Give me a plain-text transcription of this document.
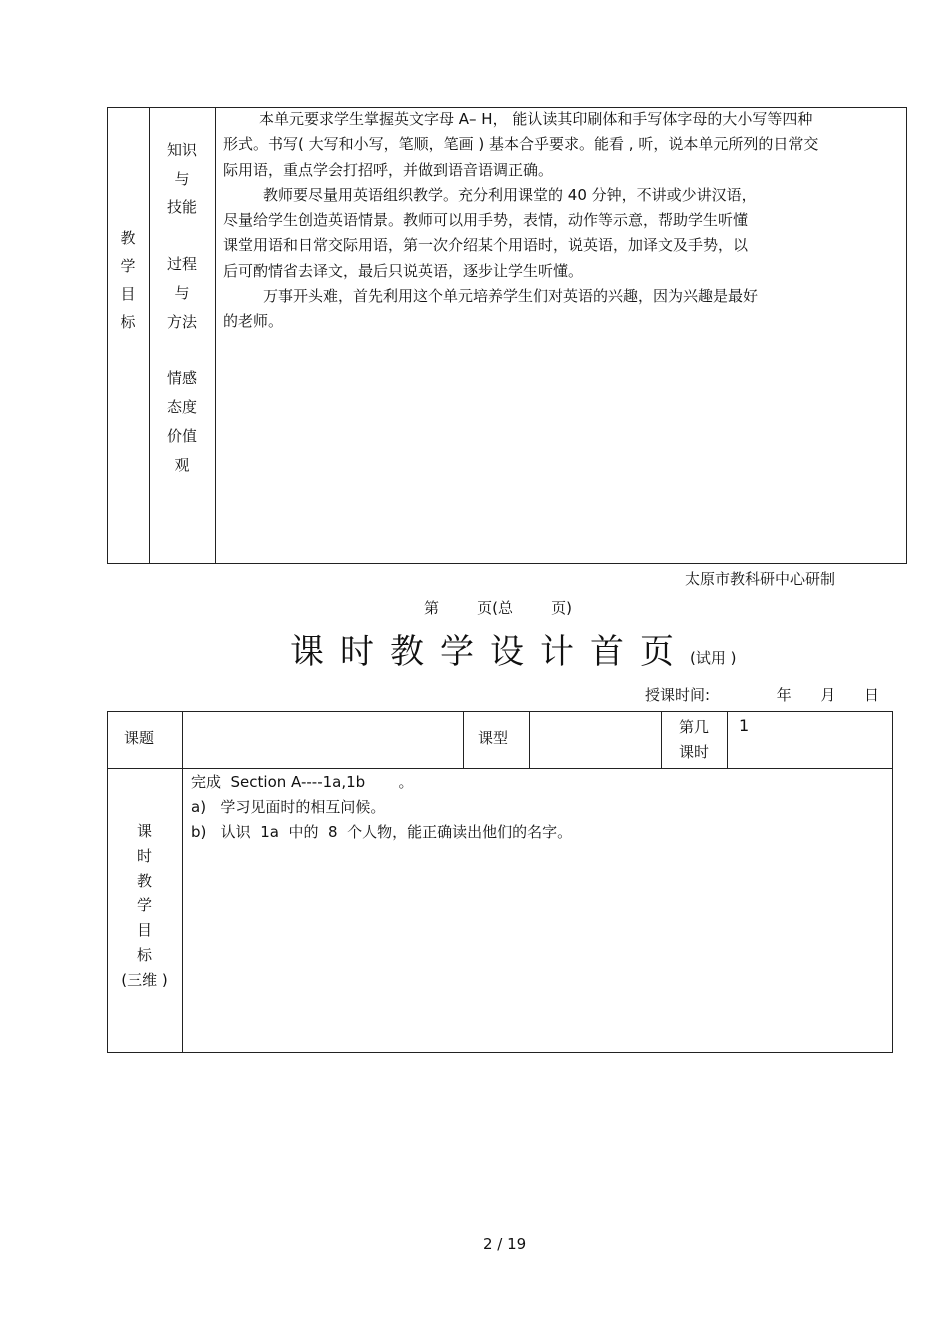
教
学
目
标
知识
与
技能
过程
与
方法
情感
态度
价值
观
本单元要求学生掌握英文字母 A– H， 能认读其印刷体和手写体字母的大小写等四种
形式。书写( 大写和小写，笔顺，笔画 ) 基本合乎要求。能看 , 听，说本单元所列的日常交
际用语，重点学会打招呼，并做到语音语调正确。
教师要尽量用英语组织教学。充分利用课堂的 40 分钟，不讲或少讲汉语，
尽量给学生创造英语情景。教师可以用手势，表情，动作等示意，帮助学生听懂
课堂用语和日常交际用语，第一次介绍某个用语时，说英语，加译文及手势，以
后可酌情省去译文，最后只说英语，逐步让学生听懂。
万事开头难，首先利用这个单元培养学生们对英语的兴趣，因为兴趣是最好
的老师。
太原市教科研中心研制
第        页(总        页)
课时教学设计首页(试用 )
授课时间:              年      月      日
课题	课型
第几
课时
1
课
时
教
学
目
标
(三维 )
完成  Section A----1a,1b       。
a)   学习见面时的相互问候。
b)   认识  1a  中的  8  个人物，能正确读出他们的名字。
2 / 19
